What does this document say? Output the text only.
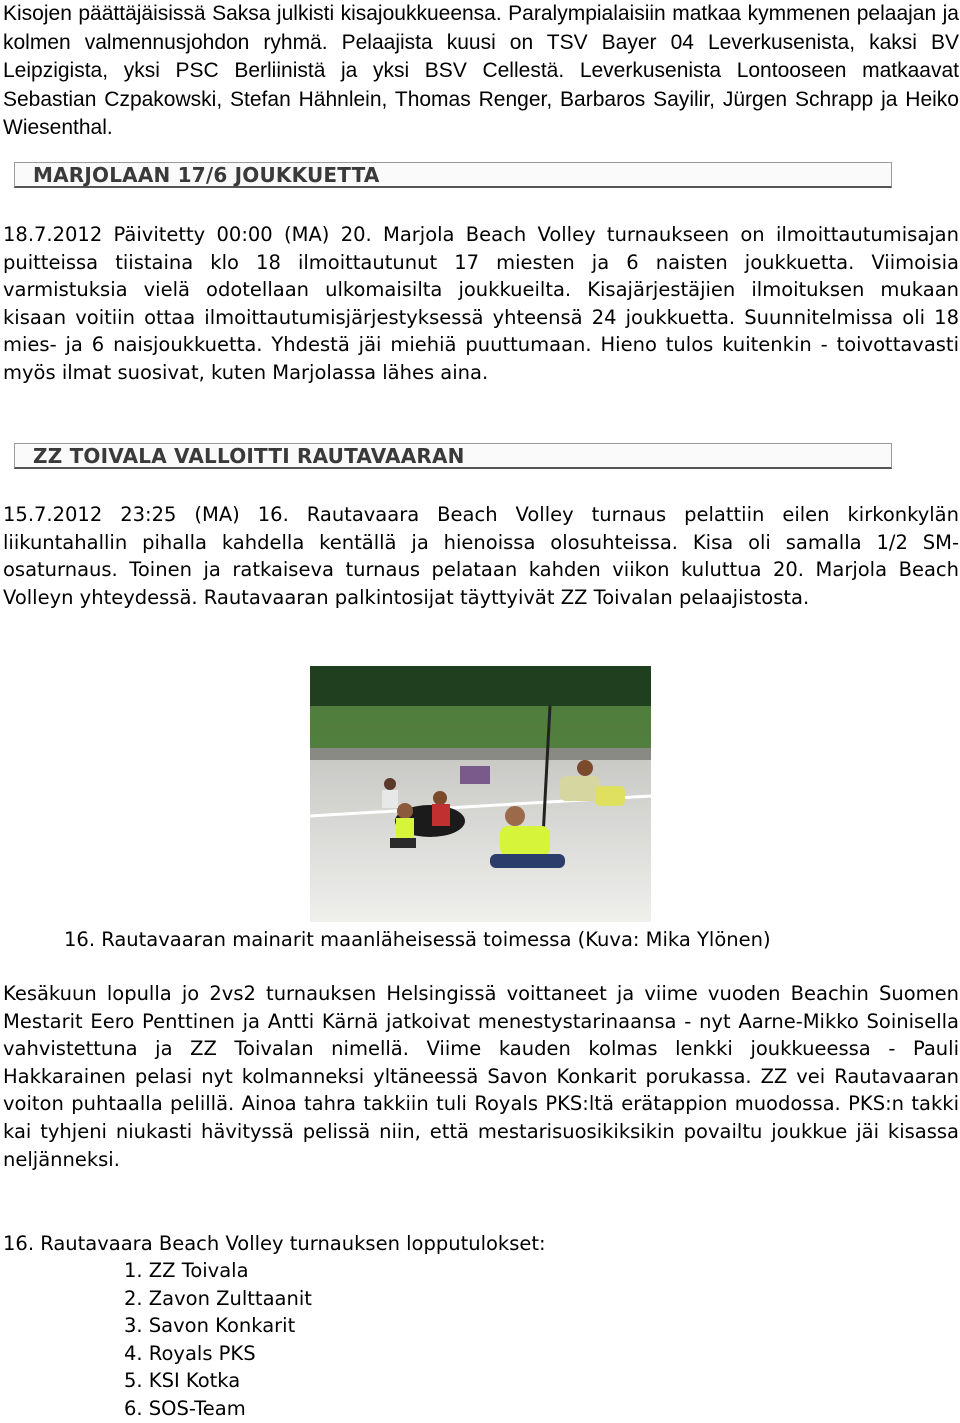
Kisojen päättäjäisissä Saksa julkisti kisajoukkueensa. Paralympialaisiin matkaa kymmenen pelaajan ja kolmen valmennusjohdon ryhmä. Pelaajista kuusi on TSV Bayer 04 Leverkusenista, kaksi BV Leipzigista, yksi PSC Berliinistä ja yksi BSV Cellestä. Leverkusenista Lontooseen matkaavat Sebastian Czpakowski, Stefan Hähnlein, Thomas Renger, Barbaros Sayilir, Jürgen Schrapp ja Heiko Wiesenthal.

MARJOLAAN 17/6 JOUKKUETTA

18.7.2012 Päivitetty 00:00 (MA) 20. Marjola Beach Volley turnaukseen on ilmoittautumisajan puitteissa tiistaina klo 18 ilmoittautunut 17 miesten ja 6 naisten joukkuetta. Viimoisia varmistuksia vielä odotellaan ulkomaisilta joukkueilta. Kisajärjestäjien ilmoituksen mukaan kisaan voitiin ottaa ilmoittautumisjärjestyksessä yhteensä 24 joukkuetta. Suunnitelmissa oli 18 mies- ja 6 naisjoukkuetta. Yhdestä jäi miehiä puuttumaan. Hieno tulos kuitenkin - toivottavasti myös ilmat suosivat, kuten Marjolassa lähes aina.

ZZ TOIVALA VALLOITTI RAUTAVAARAN

15.7.2012 23:25 (MA) 16. Rautavaara Beach Volley turnaus pelattiin eilen kirkonkylän liikuntahallin pihalla kahdella kentällä ja hienoissa olosuhteissa. Kisa oli samalla 1/2 SM-osaturnaus. Toinen ja ratkaiseva turnaus pelataan kahden viikon kuluttua 20. Marjola Beach Volleyn yhteydessä. Rautavaaran palkintosijat täyttyivät ZZ Toivalan pelaajistosta.

16. Rautavaaran mainarit maanläheisessä toimessa (Kuva: Mika Ylönen)

Kesäkuun lopulla jo 2vs2 turnauksen Helsingissä voittaneet ja viime vuoden Beachin Suomen Mestarit Eero Penttinen ja Antti Kärnä jatkoivat menestystarinaansa - nyt Aarne-Mikko Soinisella vahvistettuna ja ZZ Toivalan nimellä. Viime kauden kolmas lenkki joukkueessa - Pauli Hakkarainen pelasi nyt kolmanneksi yltäneessä Savon Konkarit porukassa. ZZ vei Rautavaaran voiton puhtaalla pelillä. Ainoa tahra takkiin tuli Royals PKS:ltä erätappion muodossa. PKS:n takki kai tyhjeni niukasti hävityssä pelissä niin, että mestarisuosikiksikin povailtu joukkue jäi kisassa neljänneksi.

16. Rautavaara Beach Volley turnauksen lopputulokset:
1. ZZ Toivala
2. Zavon Zulttaanit
3. Savon Konkarit
4. Royals PKS
5. KSI Kotka
6. SOS-Team
